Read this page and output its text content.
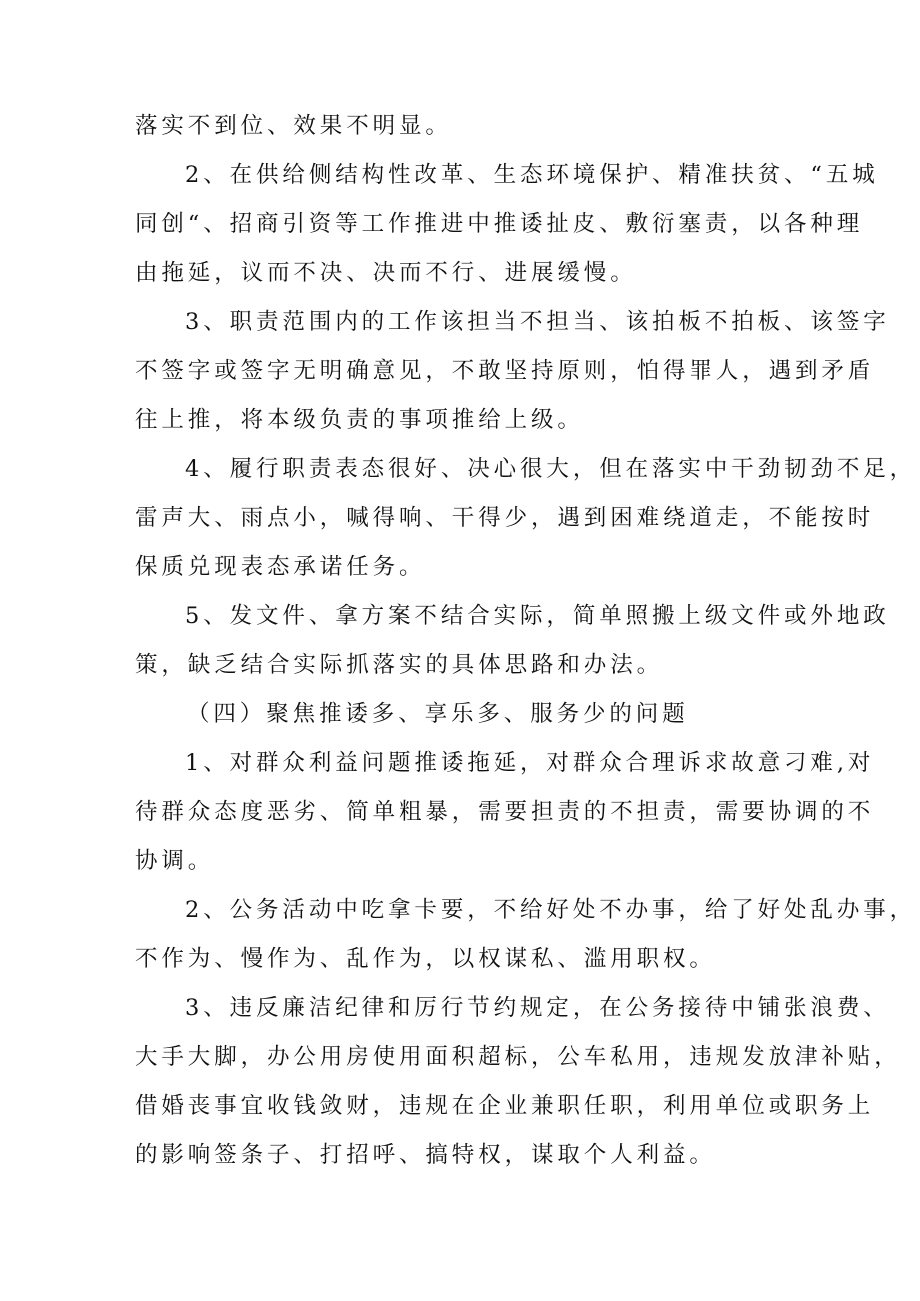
落实不到位、效果不明显。
2、在供给侧结构性改革、生态环境保护、精准扶贫、“五城
同创“、招商引资等工作推进中推诿扯皮、敷衍塞责，以各种理
由拖延，议而不决、决而不行、进展缓慢。
3、职责范围内的工作该担当不担当、该拍板不拍板、该签字
不签字或签字无明确意见，不敢坚持原则，怕得罪人，遇到矛盾
往上推，将本级负责的事项推给上级。
4、履行职责表态很好、决心很大，但在落实中干劲韧劲不足，
雷声大、雨点小，喊得响、干得少，遇到困难绕道走，不能按时
保质兑现表态承诺任务。
5、发文件、拿方案不结合实际，简单照搬上级文件或外地政
策，缺乏结合实际抓落实的具体思路和办法。
（四）聚焦推诿多、享乐多、服务少的问题
1、对群众利益问题推诿拖延，对群众合理诉求故意刁难,对
待群众态度恶劣、简单粗暴，需要担责的不担责，需要协调的不
协调。
2、公务活动中吃拿卡要，不给好处不办事，给了好处乱办事，
不作为、慢作为、乱作为，以权谋私、滥用职权。
3、违反廉洁纪律和厉行节约规定，在公务接待中铺张浪费、
大手大脚，办公用房使用面积超标，公车私用，违规发放津补贴，
借婚丧事宜收钱敛财，违规在企业兼职任职，利用单位或职务上
的影响签条子、打招呼、搞特权，谋取个人利益。
